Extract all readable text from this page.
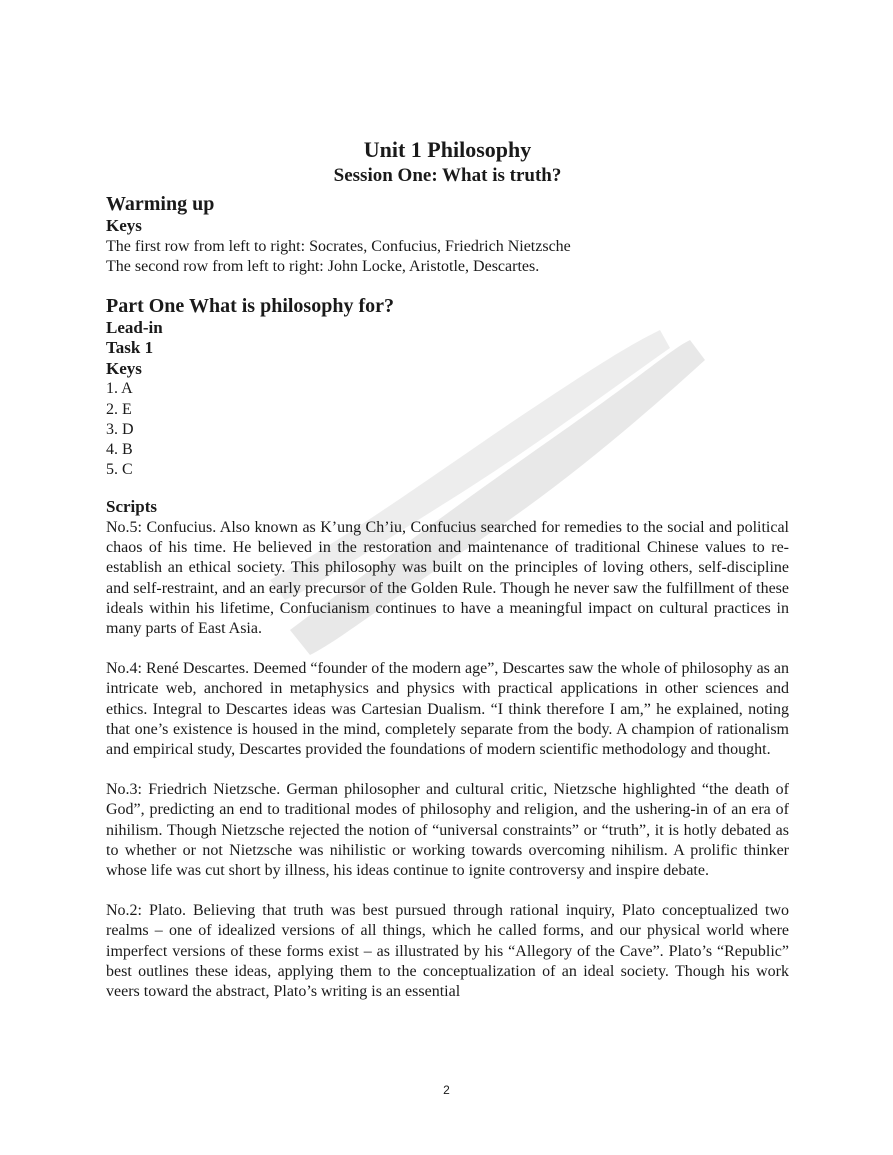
Unit 1 Philosophy
Session One: What is truth?
Warming up
Keys

The first row from left to right: Socrates, Confucius, Friedrich Nietzsche

The second row from left to right: John Locke, Aristotle, Descartes.

Part One What is philosophy for?
Lead-in
Task 1
Keys
1. A
2. E
3. D
4. B
5. C
Scripts

No.5: Confucius. Also known as K’ung Ch’iu, Confucius searched for remedies to the social and political chaos of his time. He believed in the restoration and maintenance of traditional Chinese values to re-establish an ethical society. This philosophy was built on the principles of loving others, self-discipline and self-restraint, and an early precursor of the Golden Rule. Though he never saw the fulfillment of these ideals within his lifetime, Confucianism continues to have a meaningful impact on cultural practices in many parts of East Asia.

No.4: René Descartes. Deemed “founder of the modern age”, Descartes saw the whole of philosophy as an intricate web, anchored in metaphysics and physics with practical applications in other sciences and ethics. Integral to Descartes ideas was Cartesian Dualism. “I think therefore I am,” he explained, noting that one’s existence is housed in the mind, completely separate from the body. A champion of rationalism and empirical study, Descartes provided the foundations of modern scientific methodology and thought.

No.3: Friedrich Nietzsche. German philosopher and cultural critic, Nietzsche highlighted “the death of God”, predicting an end to traditional modes of philosophy and religion, and the ushering-in of an era of nihilism. Though Nietzsche rejected the notion of “universal constraints” or “truth”, it is hotly debated as to whether or not Nietzsche was nihilistic or working towards overcoming nihilism. A prolific thinker whose life was cut short by illness, his ideas continue to ignite controversy and inspire debate.

No.2: Plato. Believing that truth was best pursued through rational inquiry, Plato conceptualized two realms – one of idealized versions of all things, which he called forms, and our physical world where imperfect versions of these forms exist – as illustrated by his “Allegory of the Cave”. Plato’s “Republic” best outlines these ideas, applying them to the conceptualization of an ideal society. Though his work veers toward the abstract, Plato’s writing is an essential

2
